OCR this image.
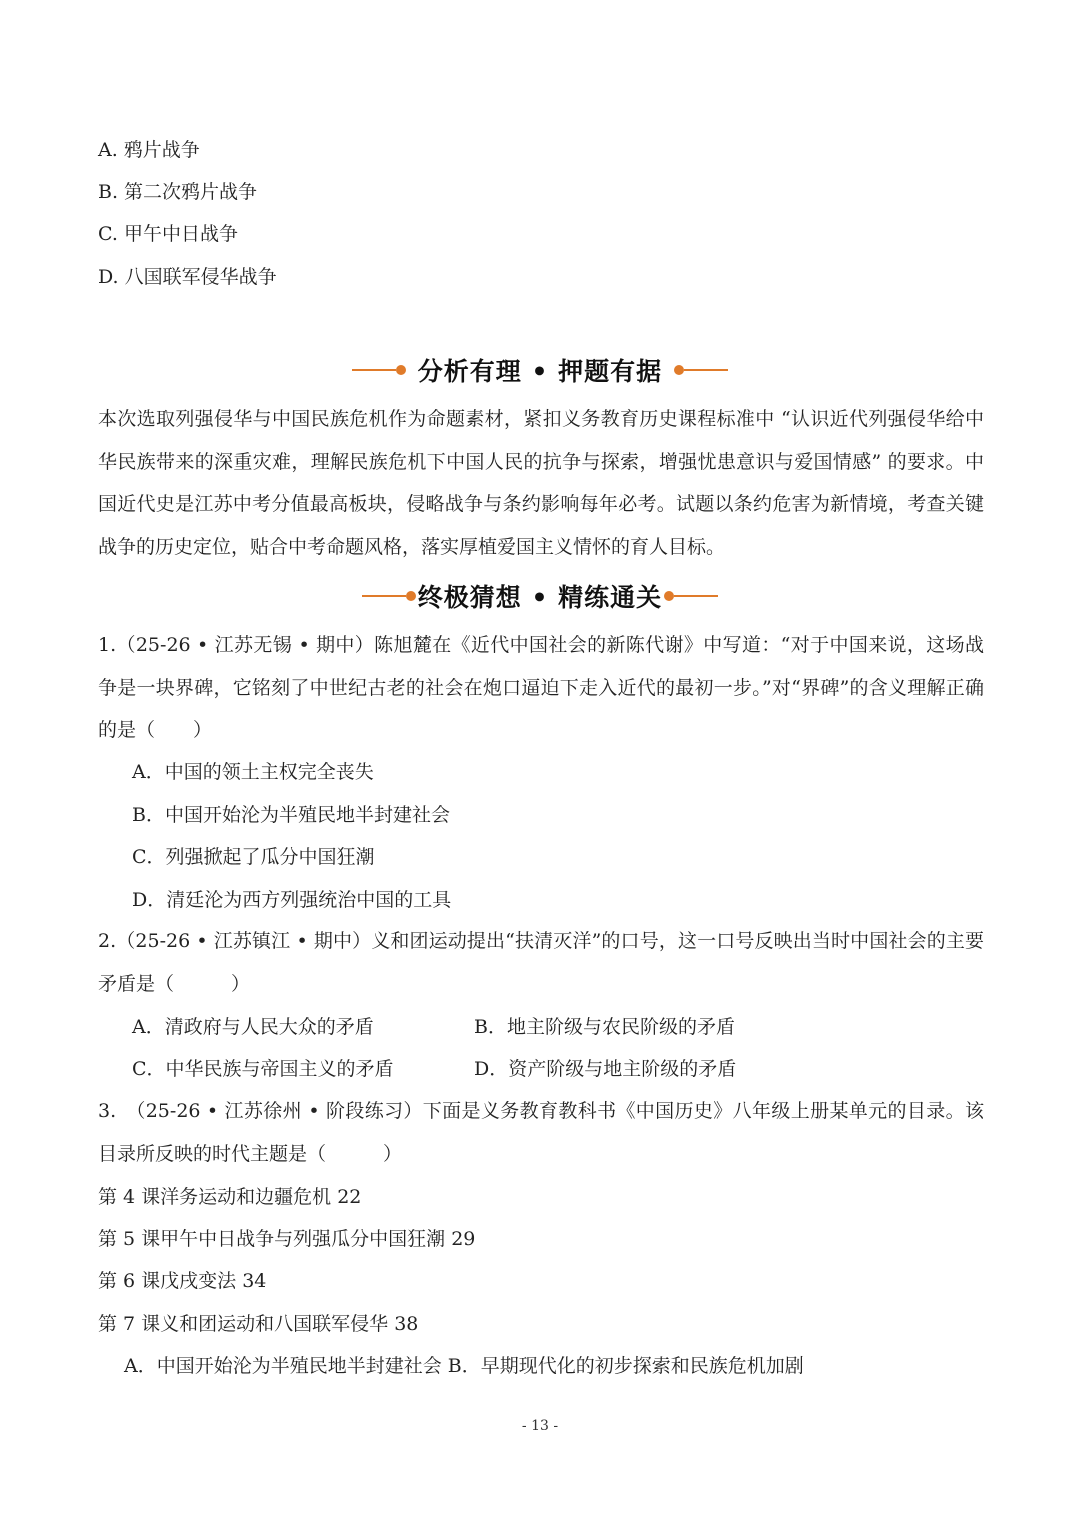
A. 鸦片战争
B. 第二次鸦片战争
C. 甲午中日战争
D. 八国联军侵华战争
分析有理 • 押题有据
本次选取列强侵华与中国民族危机作为命题素材，紧扣义务教育历史课程标准中 “认识近代列强侵华给中华民族带来的深重灾难，理解民族危机下中国人民的抗争与探索，增强忧患意识与爱国情感” 的要求。中国近代史是江苏中考分值最高板块，侵略战争与条约影响每年必考。试题以条约危害为新情境，考查关键战争的历史定位，贴合中考命题风格，落实厚植爱国主义情怀的育人目标。
终极猜想 • 精练通关
1.（25-26 • 江苏无锡 • 期中）陈旭麓在《近代中国社会的新陈代谢》中写道：“对于中国来说，这场战争是一块界碑，它铭刻了中世纪古老的社会在炮口逼迫下走入近代的最初一步。”对“界碑”的含义理解正确的是（　　）
A．中国的领土主权完全丧失
B．中国开始沦为半殖民地半封建社会
C．列强掀起了瓜分中国狂潮
D．清廷沦为西方列强统治中国的工具
2.（25-26 • 江苏镇江 • 期中）义和团运动提出“扶清灭洋”的口号，这一口号反映出当时中国社会的主要矛盾是（　　　）
A．清政府与人民大众的矛盾	B．地主阶级与农民阶级的矛盾
C．中华民族与帝国主义的矛盾	D．资产阶级与地主阶级的矛盾
3.　（25-26 • 江苏徐州 • 阶段练习）下面是义务教育教科书《中国历史》八年级上册某单元的目录。该目录所反映的时代主题是（　　　）
第 4 课洋务运动和边疆危机 22
第 5 课甲午中日战争与列强瓜分中国狂潮 29
第 6 课戊戌变法 34
第 7 课义和团运动和八国联军侵华 38
A．中国开始沦为半殖民地半封建社会 B．早期现代化的初步探索和民族危机加剧
- 13 -
